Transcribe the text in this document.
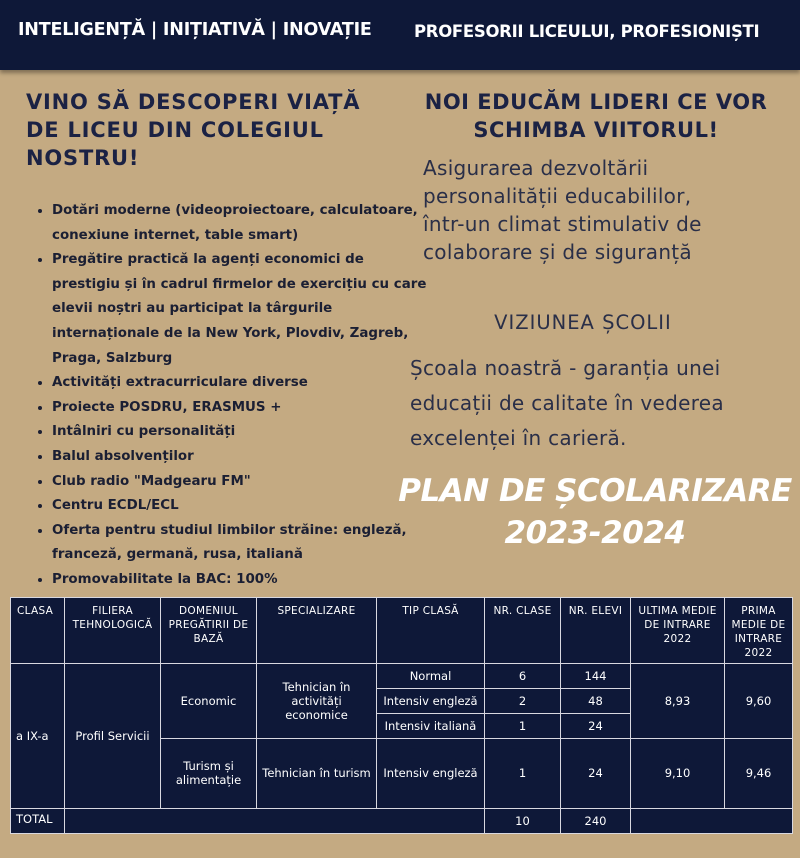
INTELIGENȚĂ | INIȚIATIVĂ | INOVAȚIE	PROFESORII LICEULUI, PROFESIONIȘTI
VINO SĂ DESCOPERI VIAȚĂ
DE LICEU DIN COLEGIUL
NOSTRU!
• Dotări moderne (videoproiectoare, calculatoare, conexiune internet, table smart)
• Pregătire practică la agenți economici de prestigiu și în cadrul firmelor de exercițiu cu care elevii noștri au participat la târgurile internaționale de la New York, Plovdiv, Zagreb, Praga, Salzburg
• Activități extracurriculare diverse
• Proiecte POSDRU, ERASMUS +
• Intâlniri cu personalități
• Balul absolvenților
• Club radio "Madgearu FM"
• Centru ECDL/ECL
• Oferta pentru studiul limbilor străine: engleză, franceză, germană, rusa, italiană
• Promovabilitate la BAC: 100%
NOI EDUCĂM LIDERI CE VOR
SCHIMBA VIITORUL!
Asigurarea dezvoltării
personalității educabililor,
într-un climat stimulativ de
colaborare și de siguranță
VIZIUNEA ȘCOLII
Școala noastră - garanția unei
educații de calitate în vederea
excelenței în carieră.
PLAN DE ȘCOLARIZARE
2023-2024
CLASA	FILIERA TEHNOLOGICĂ	DOMENIUL PREGĂTIRII DE BAZĂ	SPECIALIZARE	TIP CLASĂ	NR. CLASE	NR. ELEVI	ULTIMA MEDIE DE INTRARE 2022	PRIMA MEDIE DE INTRARE 2022
a IX-a	Profil Servicii	Economic	Tehnician în activități economice	Normal	6	144	8,93	9,60
				Intensiv engleză	2	48		
				Intensiv italiană	1	24		
		Turism și alimentație	Tehnician în turism	Intensiv engleză	1	24	9,10	9,46
TOTAL					10	240		
